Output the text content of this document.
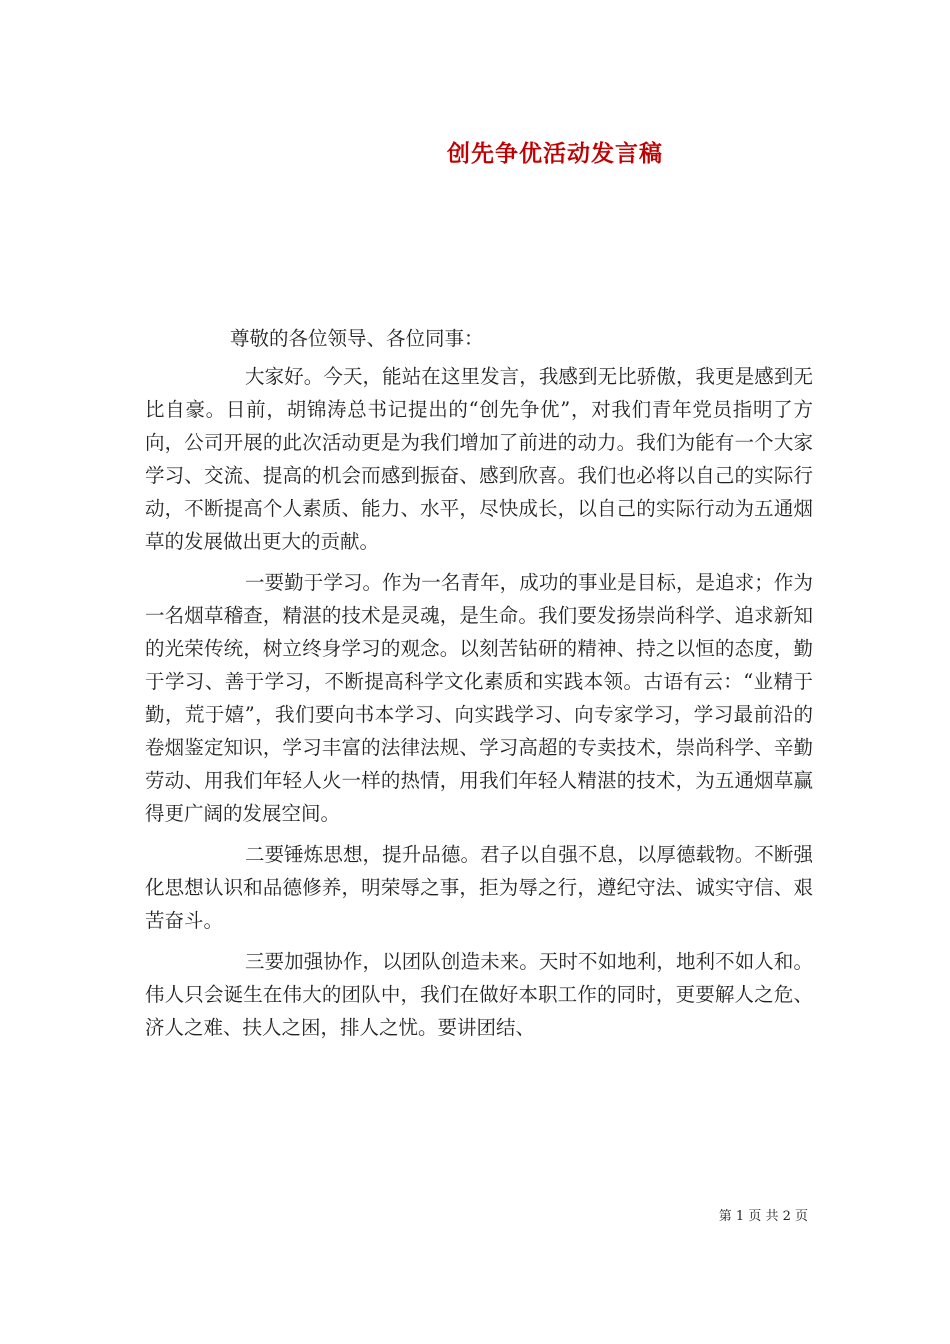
创先争优活动发言稿

尊敬的各位领导、各位同事：

大家好。今天，能站在这里发言，我感到无比骄傲，我更是感到无比自豪。日前，胡锦涛总书记提出的“创先争优”，对我们青年党员指明了方向，公司开展的此次活动更是为我们增加了前进的动力。我们为能有一个大家学习、交流、提高的机会而感到振奋、感到欣喜。我们也必将以自己的实际行动，不断提高个人素质、能力、水平，尽快成长，以自己的实际行动为五通烟草的发展做出更大的贡献。

一要勤于学习。作为一名青年，成功的事业是目标，是追求；作为一名烟草稽查，精湛的技术是灵魂，是生命。我们要发扬崇尚科学、追求新知的光荣传统，树立终身学习的观念。以刻苦钻研的精神、持之以恒的态度，勤于学习、善于学习，不断提高科学文化素质和实践本领。古语有云：“业精于勤，荒于嬉”，我们要向书本学习、向实践学习、向专家学习，学习最前沿的卷烟鉴定知识，学习丰富的法律法规、学习高超的专卖技术，崇尚科学、辛勤劳动、用我们年轻人火一样的热情，用我们年轻人精湛的技术，为五通烟草赢得更广阔的发展空间。

二要锤炼思想，提升品德。君子以自强不息，以厚德载物。不断强化思想认识和品德修养，明荣辱之事，拒为辱之行，遵纪守法、诚实守信、艰苦奋斗。

三要加强协作，以团队创造未来。天时不如地利，地利不如人和。伟人只会诞生在伟大的团队中，我们在做好本职工作的同时，更要解人之危、济人之难、扶人之困，排人之忧。要讲团结、

第 1 页 共 2 页
